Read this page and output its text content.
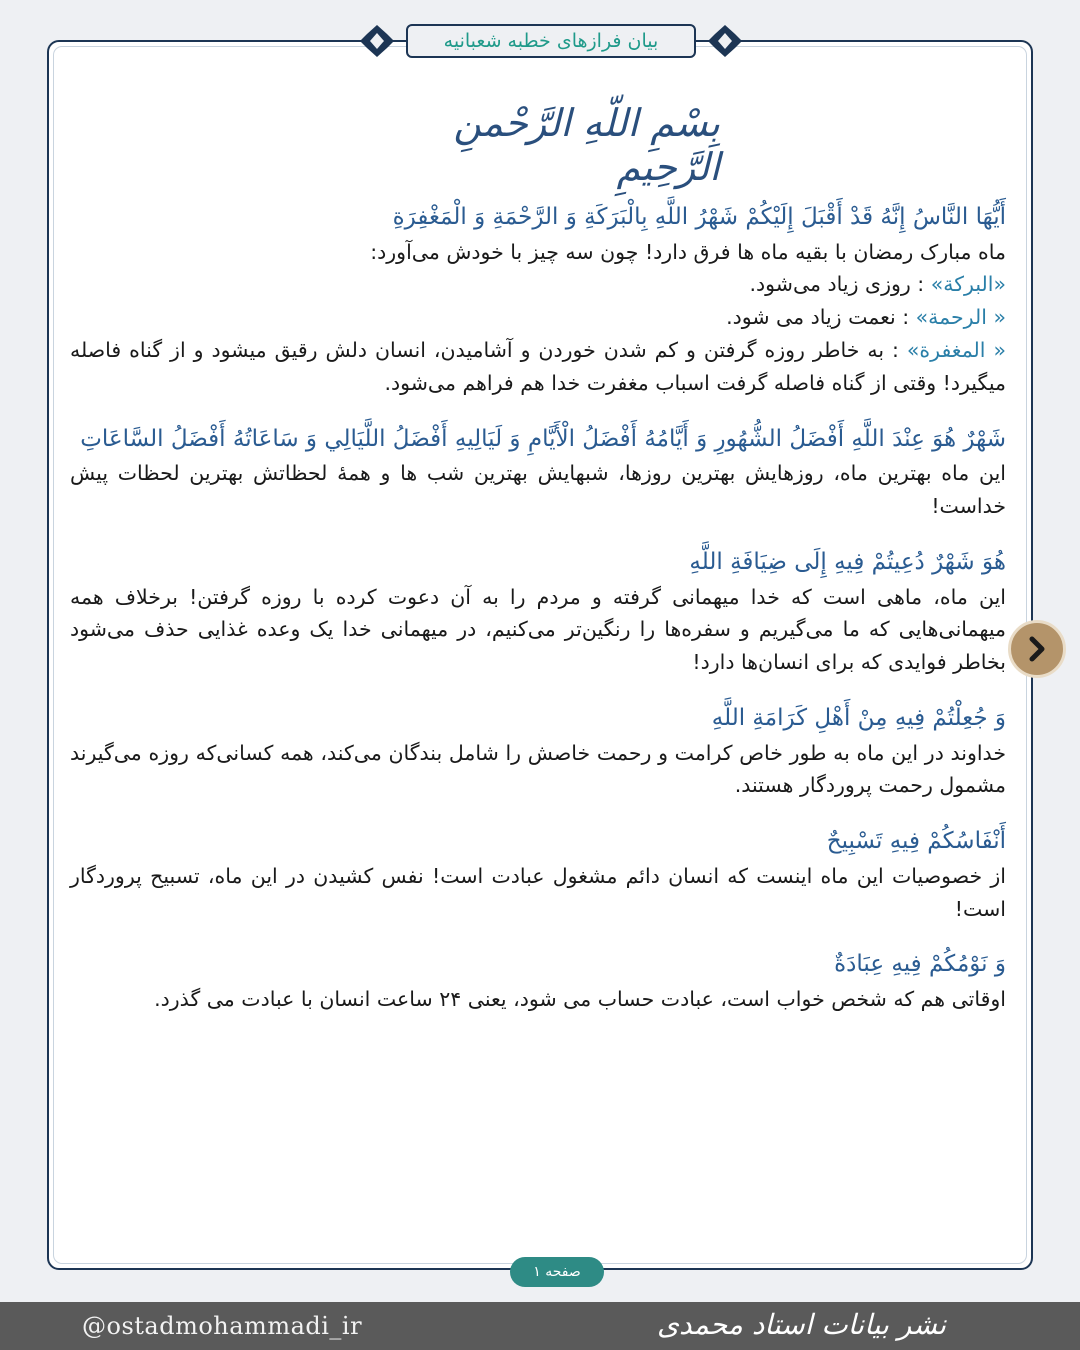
بیان فرازهای خطبه شعبانیه
بِسْمِ اللّهِ الرَّحْمنِ الرَّحِيمِ

أَيُّهَا النَّاسُ إِنَّهُ قَدْ أَقْبَلَ إِلَيْكُمْ شَهْرُ اللَّهِ بِالْبَرَكَةِ وَ الرَّحْمَةِ وَ الْمَغْفِرَةِ

ماه مبارک رمضان با بقیه ماه ها فرق دارد! چون سه چیز با خودش می‌آورد:

«البرکة» : روزی زیاد می‌شود.

« الرحمة» : نعمت زیاد می شود.

« المغفرة» : به خاطر روزه گرفتن و کم شدن خوردن و آشامیدن، انسان دلش رقیق میشود و از گناه فاصله میگیرد! وقتی از گناه فاصله گرفت اسباب مغفرت خدا هم فراهم می‌شود.

شَهْرٌ هُوَ عِنْدَ اللَّهِ أَفْضَلُ الشُّهُورِ وَ أَيَّامُهُ أَفْضَلُ الْأَيَّامِ وَ لَيَالِيهِ أَفْضَلُ اللَّيَالِي وَ سَاعَاتُهُ أَفْضَلُ السَّاعَاتِ

این ماه بهترین ماه، روزهایش بهترین روزها، شبهایش بهترین شب ها و همهٔ لحظاتش بهترین لحظات پیش خداست!

هُوَ شَهْرٌ دُعِيتُمْ فِيهِ إِلَى ضِيَافَةِ اللَّهِ

این ماه، ماهی است که خدا میهمانی گرفته و مردم را به آن دعوت کرده با روزه گرفتن! برخلاف همه میهمانی‌هایی که ما می‌گیریم و سفره‌ها را رنگین‌تر می‌کنیم، در میهمانی خدا یک وعده غذایی حذف می‌شود بخاطر فوایدی که برای انسان‌ها دارد!

وَ جُعِلْتُمْ فِيهِ مِنْ أَهْلِ كَرَامَةِ اللَّهِ

خداوند در این ماه به طور خاص کرامت و رحمت خاصش را شامل بندگان می‌کند، همه کسانی‌که روزه می‌گیرند مشمول رحمت پروردگار هستند.

أَنْفَاسُكُمْ فِيهِ تَسْبِيحٌ

از خصوصیات این ماه اینست که انسان دائم مشغول عبادت است! نفس کشیدن در این ماه، تسبیح پروردگار است!

وَ نَوْمُكُمْ فِيهِ عِبَادَةٌ

اوقاتی هم که شخص خواب است، عبادت حساب می شود، یعنی ۲۴ ساعت انسان با عبادت می گذرد.

صفحه ۱
@ostadmohammadi_ir	نشر بیانات استاد محمدی
